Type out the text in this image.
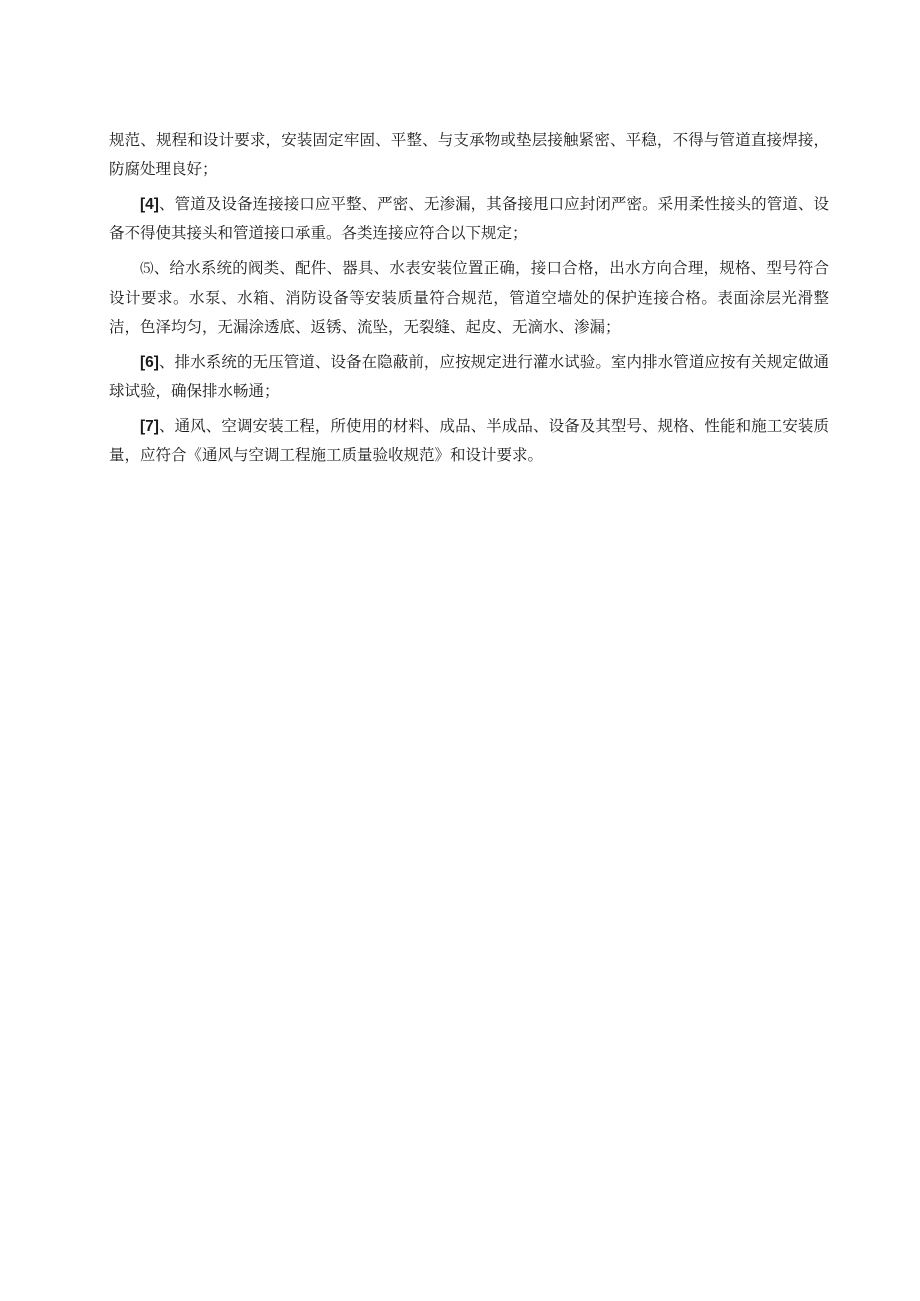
规范、规程和设计要求，安装固定牢固、平整、与支承物或垫层接触紧密、平稳，不得与管道直接焊接，防腐处理良好；

[4]、管道及设备连接接口应平整、严密、无渗漏，其备接甩口应封闭严密。采用柔性接头的管道、设备不得使其接头和管道接口承重。各类连接应符合以下规定；

⑸、给水系统的阀类、配件、器具、水表安装位置正确，接口合格，出水方向合理，规格、型号符合设计要求。水泵、水箱、消防设备等安装质量符合规范，管道空墙处的保护连接合格。表面涂层光滑整洁，色泽均匀，无漏涂透底、返锈、流坠，无裂缝、起皮、无滴水、渗漏；

[6]、排水系统的无压管道、设备在隐蔽前，应按规定进行灌水试验。室内排水管道应按有关规定做通球试验，确保排水畅通；

[7]、通风、空调安装工程，所使用的材料、成品、半成品、设备及其型号、规格、性能和施工安装质量，应符合《通风与空调工程施工质量验收规范》和设计要求。
